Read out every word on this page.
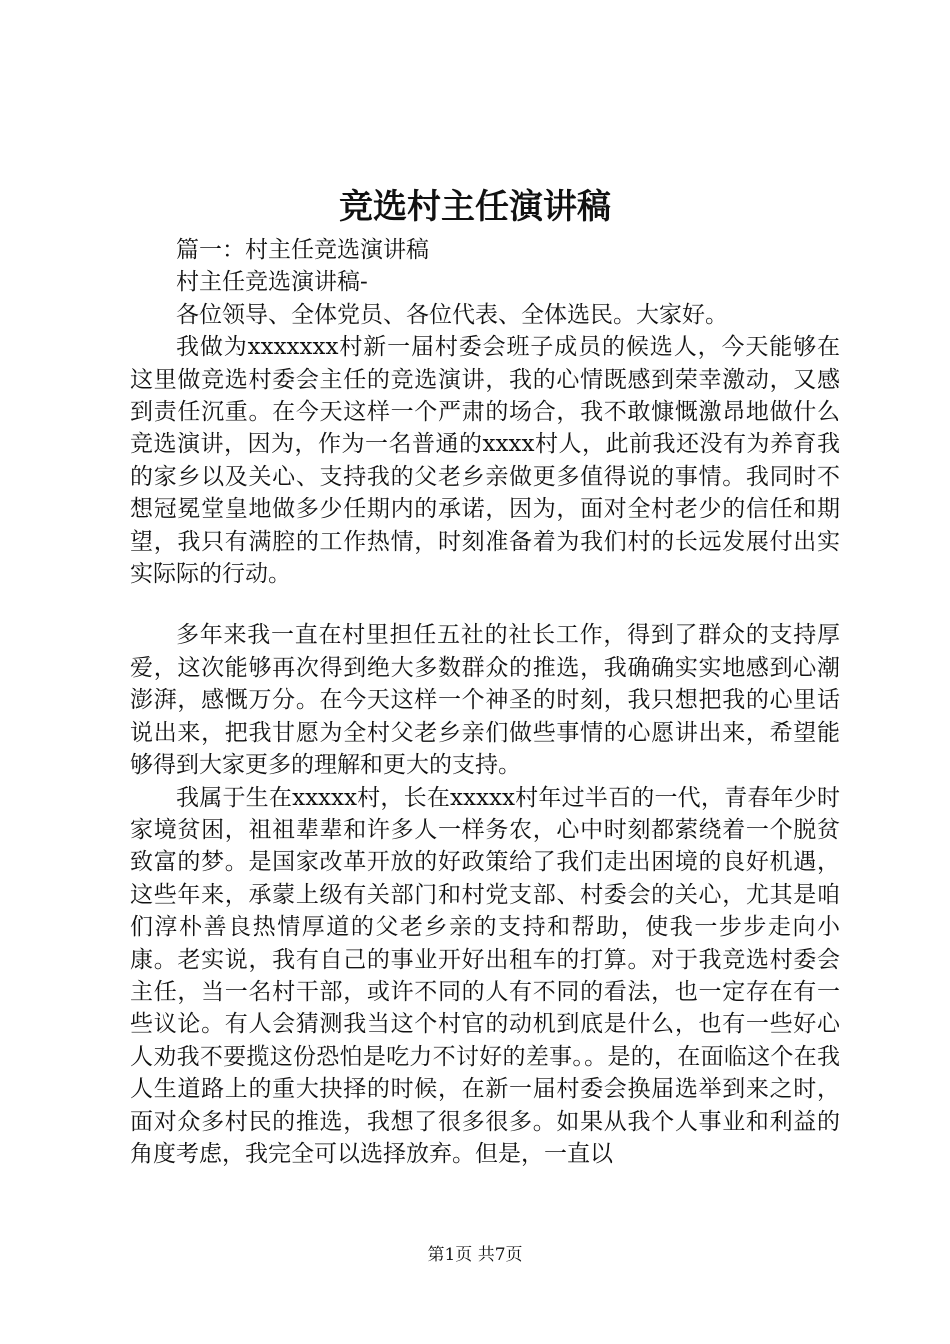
竞选村主任演讲稿

篇一：村主任竞选演讲稿

村主任竞选演讲稿-

各位领导、全体党员、各位代表、全体选民。大家好。

我做为xxxxxxx村新一届村委会班子成员的候选人，今天能够在这里做竞选村委会主任的竞选演讲，我的心情既感到荣幸激动，又感到责任沉重。在今天这样一个严肃的场合，我不敢慷慨激昂地做什么竞选演讲，因为，作为一名普通的xxxx村人，此前我还没有为养育我的家乡以及关心、支持我的父老乡亲做更多值得说的事情。我同时不想冠冕堂皇地做多少任期内的承诺，因为，面对全村老少的信任和期望，我只有满腔的工作热情，时刻准备着为我们村的长远发展付出实实际际的行动。

多年来我一直在村里担任五社的社长工作，得到了群众的支持厚爱，这次能够再次得到绝大多数群众的推选，我确确实实地感到心潮澎湃，感慨万分。在今天这样一个神圣的时刻，我只想把我的心里话说出来，把我甘愿为全村父老乡亲们做些事情的心愿讲出来，希望能够得到大家更多的理解和更大的支持。

我属于生在xxxxx村，长在xxxxx村年过半百的一代，青春年少时家境贫困，祖祖辈辈和许多人一样务农，心中时刻都萦绕着一个脱贫致富的梦。是国家改革开放的好政策给了我们走出困境的良好机遇，这些年来，承蒙上级有关部门和村党支部、村委会的关心，尤其是咱们淳朴善良热情厚道的父老乡亲的支持和帮助，使我一步步走向小康。老实说，我有自己的事业开好出租车的打算。对于我竞选村委会主任，当一名村干部，或许不同的人有不同的看法，也一定存在有一些议论。有人会猜测我当这个村官的动机到底是什么，也有一些好心人劝我不要揽这份恐怕是吃力不讨好的差事。。是的，在面临这个在我人生道路上的重大抉择的时候，在新一届村委会换届选举到来之时，面对众多村民的推选，我想了很多很多。如果从我个人事业和利益的角度考虑，我完全可以选择放弃。但是，一直以

第1页 共7页
